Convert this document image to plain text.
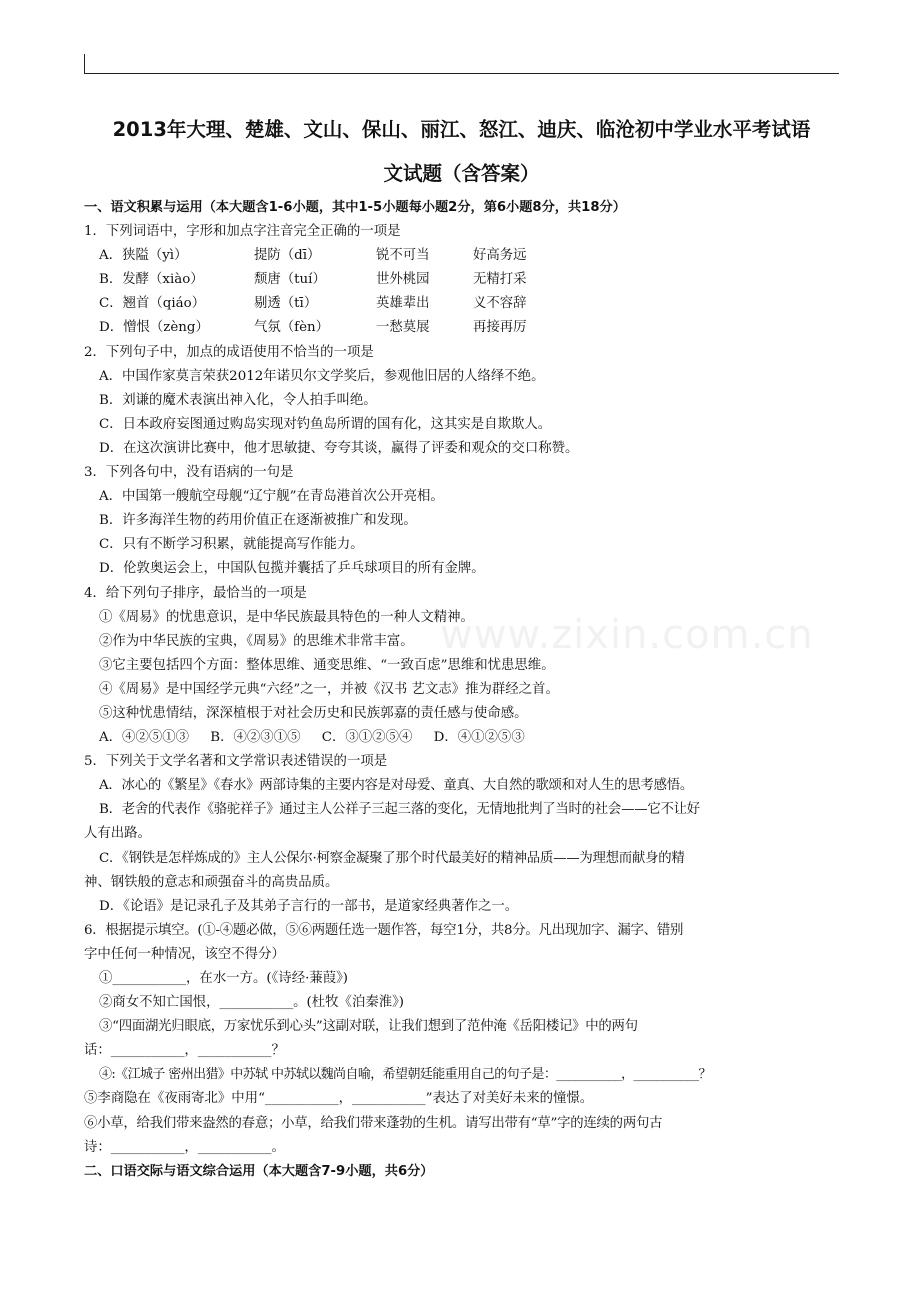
2013年大理、楚雄、文山、保山、丽江、怒江、迪庆、临沧初中学业水平考试语
文试题（含答案）
www.zixin.com.cn
一、语文积累与运用（本大题含1-6小题，其中1-5小题每小题2分，第6小题8分，共18分）
1．下列词语中，字形和加点字注音完全正确的一项是
A．狭隘（yì）	提防（dī）	锐不可当	好高务远
B．发酵（xiào）	颓唐（tuí）	世外桃园	无精打采
C．翘首（qiáo）	剔透（tī）	英雄辈出	义不容辞
D．憎恨（zèng）	气氛（fèn）	一愁莫展	再接再厉
2．下列句子中，加点的成语使用不恰当的一项是
A．中国作家莫言荣获2012年诺贝尔文学奖后，参观他旧居的人络绎不绝。
B．刘谦的魔术表演出神入化，令人拍手叫绝。
C．日本政府妄图通过购岛实现对钓鱼岛所谓的国有化，这其实是自欺欺人。
D．在这次演讲比赛中，他才思敏捷、夸夸其谈，赢得了评委和观众的交口称赞。
3．下列各句中，没有语病的一句是
A．中国第一艘航空母舰“辽宁舰”在青岛港首次公开亮相。
B．许多海洋生物的药用价值正在逐渐被推广和发现。
C．只有不断学习积累，就能提高写作能力。
D．伦敦奥运会上，中国队包揽并囊括了乒乓球项目的所有金牌。
4．给下列句子排序，最恰当的一项是
①《周易》的忧患意识，是中华民族最具特色的一种人文精神。
②作为中华民族的宝典，《周易》的思维术非常丰富。
③它主要包括四个方面：整体思维、通变思维、“一致百虑”思维和忧患思维。
④《周易》是中国经学元典“六经”之一，并被《汉书 艺文志》推为群经之首。
⑤这种忧患情结，深深植根于对社会历史和民族郭嘉的责任感与使命感。
A．④②⑤①③     B．④②③①⑤     C．③①②⑤④     D．④①②⑤③
5．下列关于文学名著和文学常识表述错误的一项是
A．冰心的《繁星》《春水》两部诗集的主要内容是对母爱、童真、大自然的歌颂和对人生的思考感悟。
B．老舍的代表作《骆驼祥子》通过主人公祥子三起三落的变化，无情地批判了当时的社会——它不让好
人有出路。
C．《钢铁是怎样炼成的》主人公保尔·柯察金凝聚了那个时代最美好的精神品质——为理想而献身的精
神、钢铁般的意志和顽强奋斗的高贵品质。
D．《论语》是记录孔子及其弟子言行的一部书，是道家经典著作之一。
6．根据提示填空。(①-④题必做，⑤⑥两题任选一题作答，每空1分，共8分。凡出现加字、漏字、错别
字中任何一种情况，该空不得分）
①___________，在水一方。(《诗经·蒹葭》)
②商女不知亡国恨，___________。(杜牧《泊秦淮》)
③“四面湖光归眼底，万家忧乐到心头”这副对联，让我们想到了范仲淹《岳阳楼记》中的两句
话：___________，___________？
④:《江城子 密州出猎》中苏轼 中苏轼以魏尚自喻，希望朝廷能重用自己的句子是：___________，___________？
⑤李商隐在《夜雨寄北》中用“___________，___________”表达了对美好未来的憧憬。
⑥小草，给我们带来盎然的春意；小草，给我们带来蓬勃的生机。请写出带有“草”字的连续的两句古
诗：___________，___________。
二、口语交际与语文综合运用（本大题含7-9小题，共6分）
